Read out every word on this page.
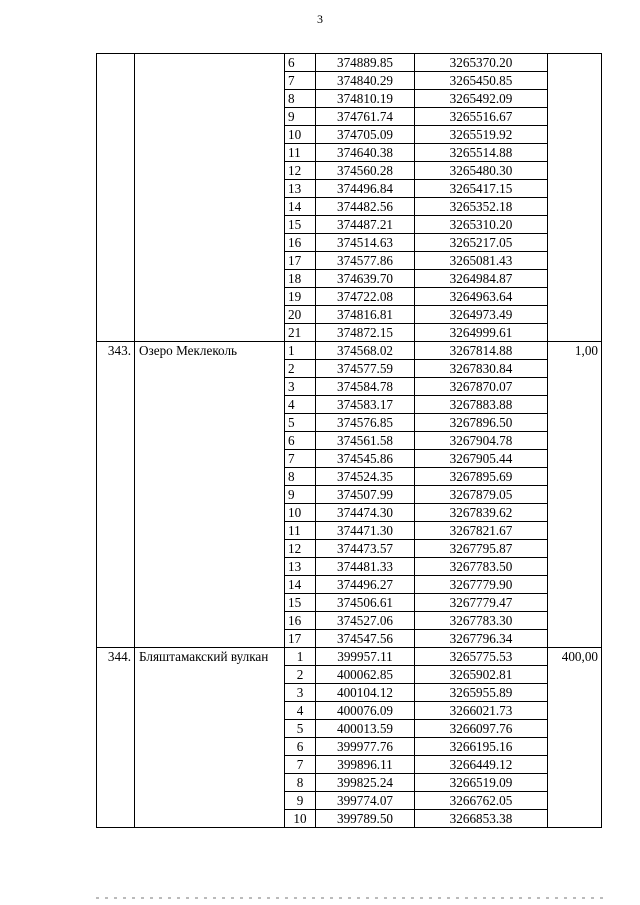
3
		6	374889.85	3265370.20	
		7	374840.29	3265450.85	
		8	374810.19	3265492.09	
		9	374761.74	3265516.67	
		10	374705.09	3265519.92	
		11	374640.38	3265514.88	
		12	374560.28	3265480.30	
		13	374496.84	3265417.15	
		14	374482.56	3265352.18	
		15	374487.21	3265310.20	
		16	374514.63	3265217.05	
		17	374577.86	3265081.43	
		18	374639.70	3264984.87	
		19	374722.08	3264963.64	
		20	374816.81	3264973.49	
		21	374872.15	3264999.61	
343.	Озеро Меклеколь	1	374568.02	3267814.88	1,00
		2	374577.59	3267830.84	
		3	374584.78	3267870.07	
		4	374583.17	3267883.88	
		5	374576.85	3267896.50	
		6	374561.58	3267904.78	
		7	374545.86	3267905.44	
		8	374524.35	3267895.69	
		9	374507.99	3267879.05	
		10	374474.30	3267839.62	
		11	374471.30	3267821.67	
		12	374473.57	3267795.87	
		13	374481.33	3267783.50	
		14	374496.27	3267779.90	
		15	374506.61	3267779.47	
		16	374527.06	3267783.30	
		17	374547.56	3267796.34	
344.	Бляштамакский вулкан	1	399957.11	3265775.53	400,00
		2	400062.85	3265902.81	
		3	400104.12	3265955.89	
		4	400076.09	3266021.73	
		5	400013.59	3266097.76	
		6	399977.76	3266195.16	
		7	399896.11	3266449.12	
		8	399825.24	3266519.09	
		9	399774.07	3266762.05	
		10	399789.50	3266853.38	
